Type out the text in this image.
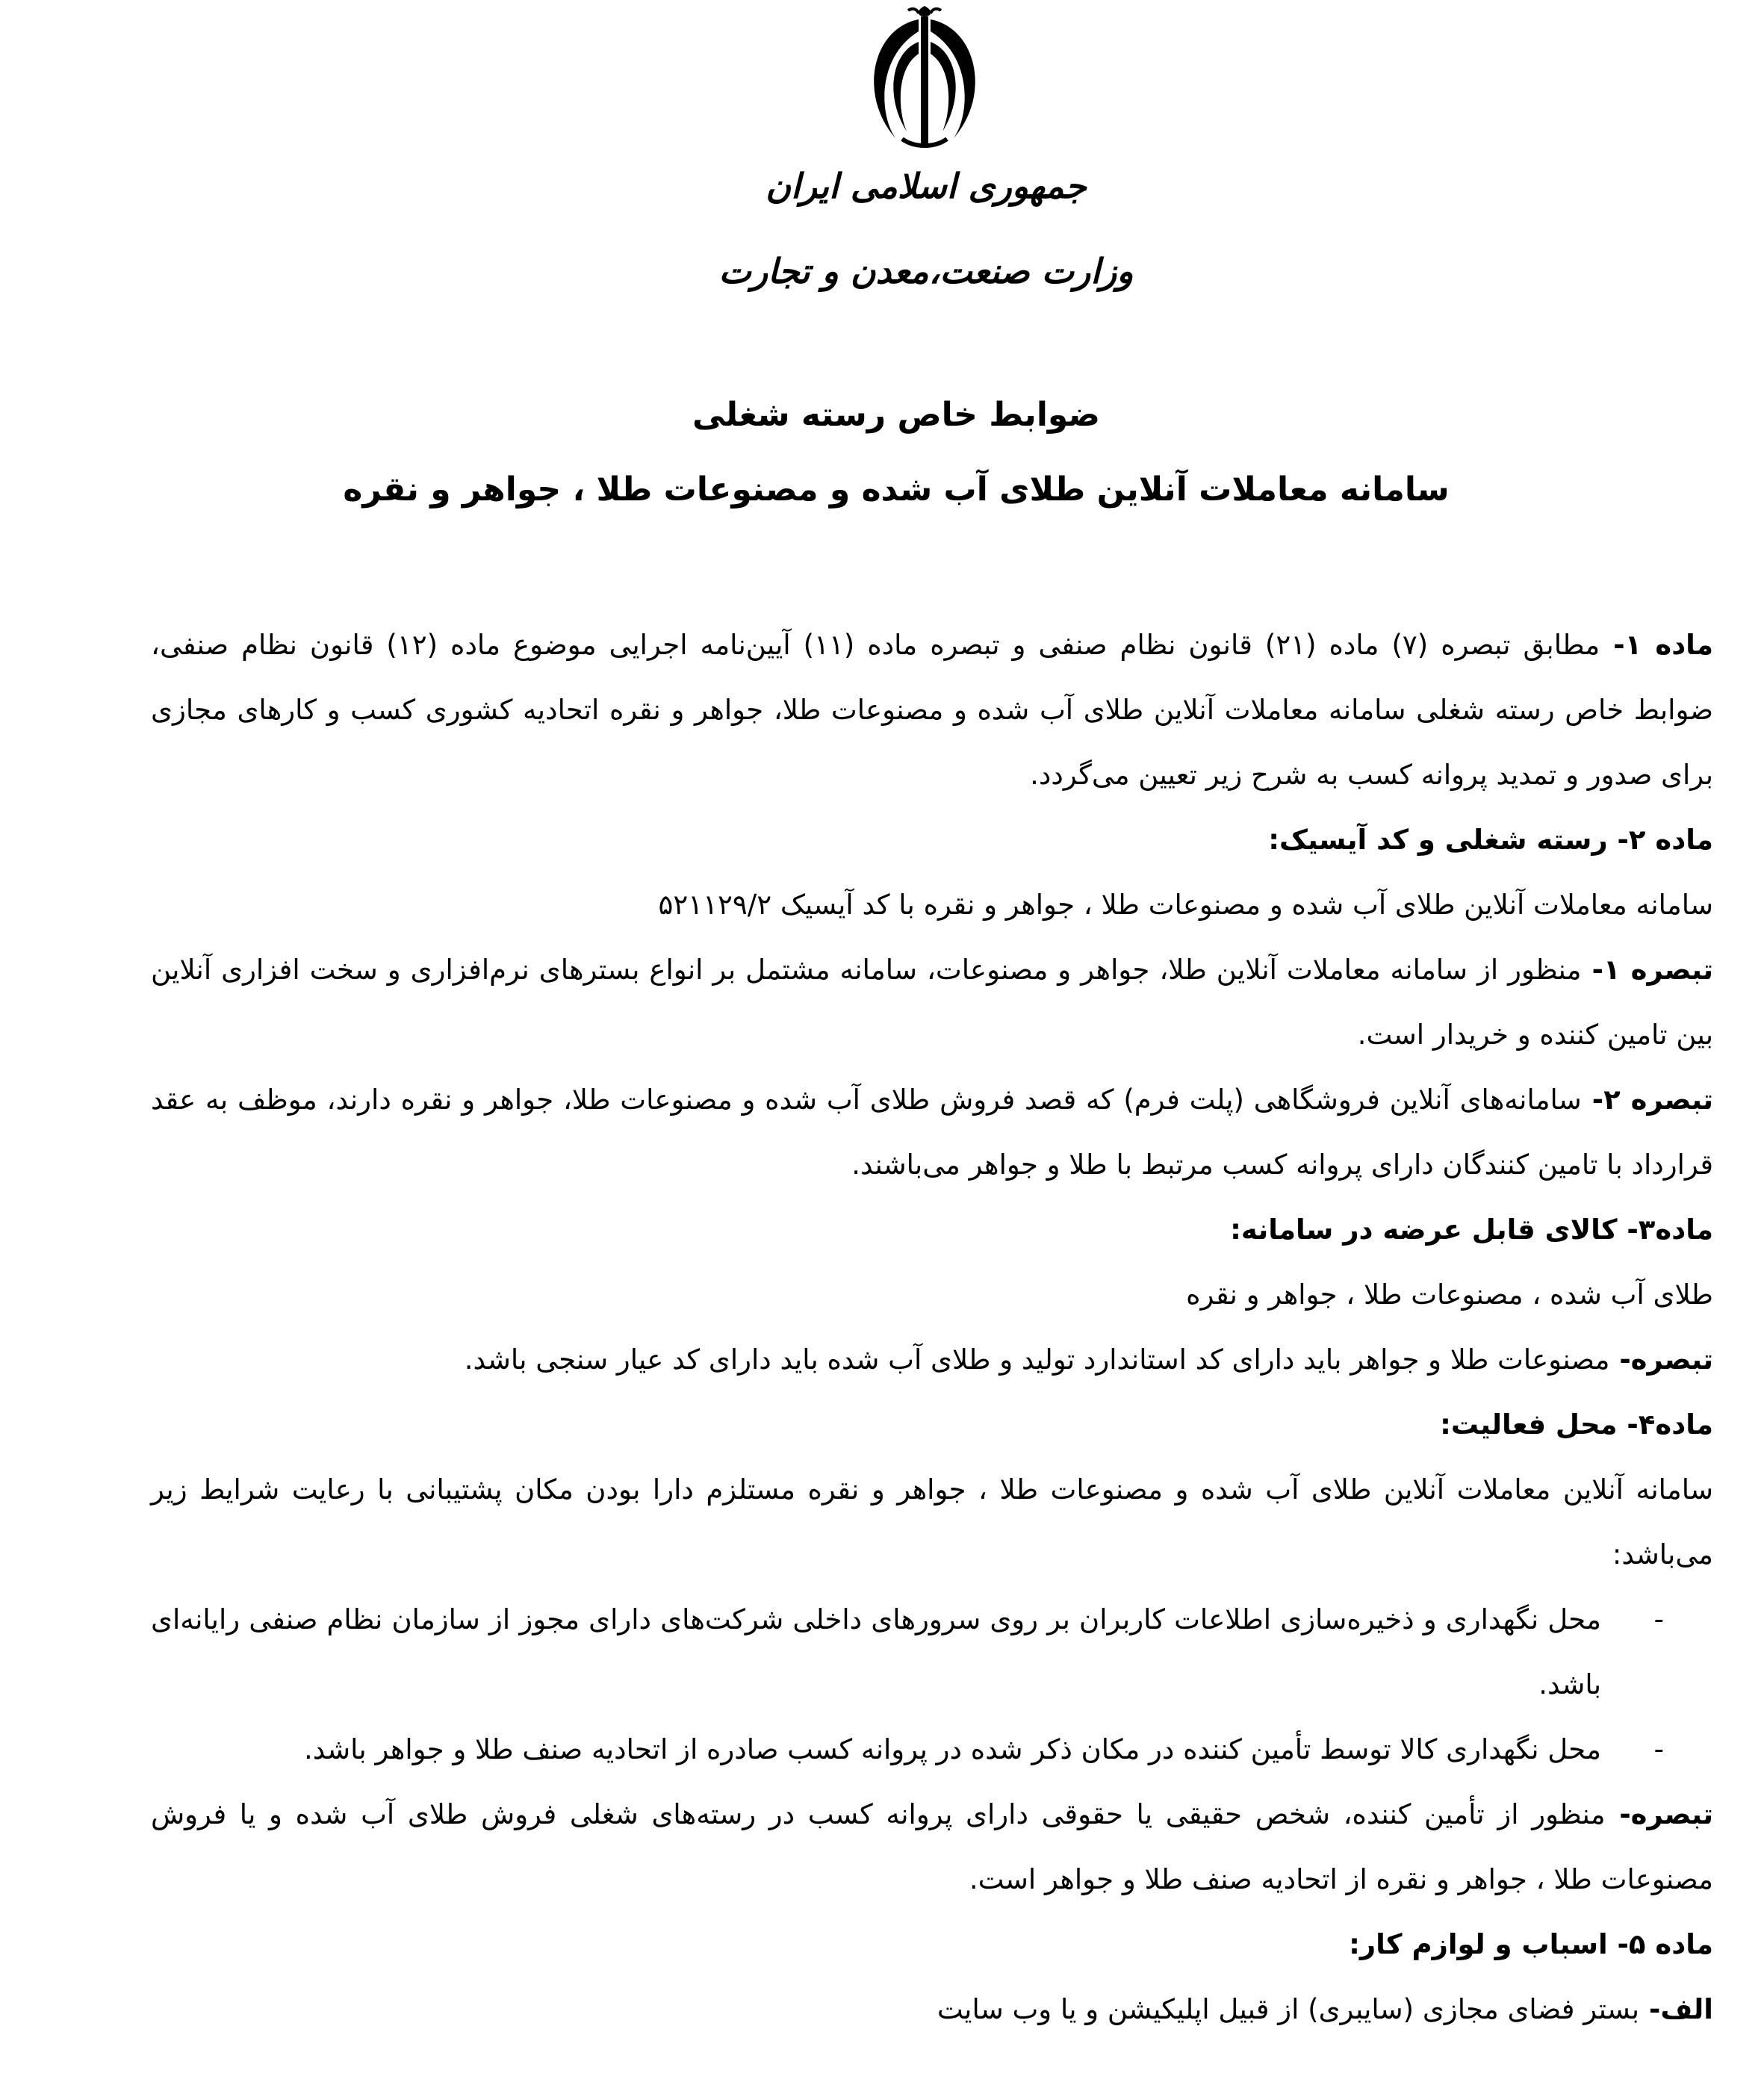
جمهوری اسلامی ایران
وزارت صنعت،معدن و تجارت
ضوابط خاص رسته شغلی
سامانه معاملات آنلاین طلای آب شده و مصنوعات طلا ، جواهر و نقره

ماده ۱- مطابق تبصره (۷) ماده (۲۱) قانون نظام صنفی و تبصره ماده (۱۱) آیین‌نامه اجرایی موضوع ماده (۱۲) قانون نظام صنفی، ضوابط خاص رسته شغلی سامانه معاملات آنلاین طلای آب شده و مصنوعات طلا، جواهر و نقره اتحادیه کشوری کسب و کارهای مجازی برای صدور و تمدید پروانه کسب به شرح زیر تعیین می‌گردد.

ماده ۲- رسته شغلی و کد آیسیک:

سامانه معاملات آنلاین طلای آب شده و مصنوعات طلا ، جواهر و نقره با کد آیسیک ۵۲۱۱۲۹/۲

تبصره ۱- منظور از سامانه معاملات آنلاین طلا، جواهر و مصنوعات، سامانه مشتمل بر انواع بسترهای نرم‌افزاری و سخت افزاری آنلاین بین تامین کننده و خریدار است.

تبصره ۲- سامانه‌های آنلاین فروشگاهی (پلت فرم) که قصد فروش طلای آب شده و مصنوعات طلا، جواهر و نقره دارند، موظف به عقد قرارداد با تامین کنندگان دارای پروانه کسب مرتبط با طلا و جواهر می‌باشند.

ماده۳- کالای قابل عرضه در سامانه:

طلای آب شده ، مصنوعات طلا ، جواهر و نقره

تبصره- مصنوعات طلا و جواهر باید دارای کد استاندارد تولید و طلای آب شده باید دارای کد عیار سنجی باشد.

ماده۴- محل فعالیت:

سامانه آنلاین معاملات آنلاین طلای آب شده و مصنوعات طلا ، جواهر و نقره مستلزم دارا بودن مکان پشتیبانی با رعایت شرایط زیر می‌باشد:

-
محل نگهداری و ذخیره‌سازی اطلاعات کاربران بر روی سرورهای داخلی شرکت‌های دارای مجوز از سازمان نظام صنفی رایانه‌ای باشد.

-
محل نگهداری کالا توسط تأمین کننده در مکان ذکر شده در پروانه کسب صادره از اتحادیه صنف طلا و جواهر باشد.

تبصره- منظور از تأمین کننده، شخص حقیقی یا حقوقی دارای پروانه کسب در رسته‌های شغلی فروش طلای آب شده و یا فروش مصنوعات طلا ، جواهر و نقره از اتحادیه صنف طلا و جواهر است.

ماده ۵- اسباب و لوازم کار:

الف- بستر فضای مجازی (سایبری) از قبیل اپلیکیشن و یا وب سایت
